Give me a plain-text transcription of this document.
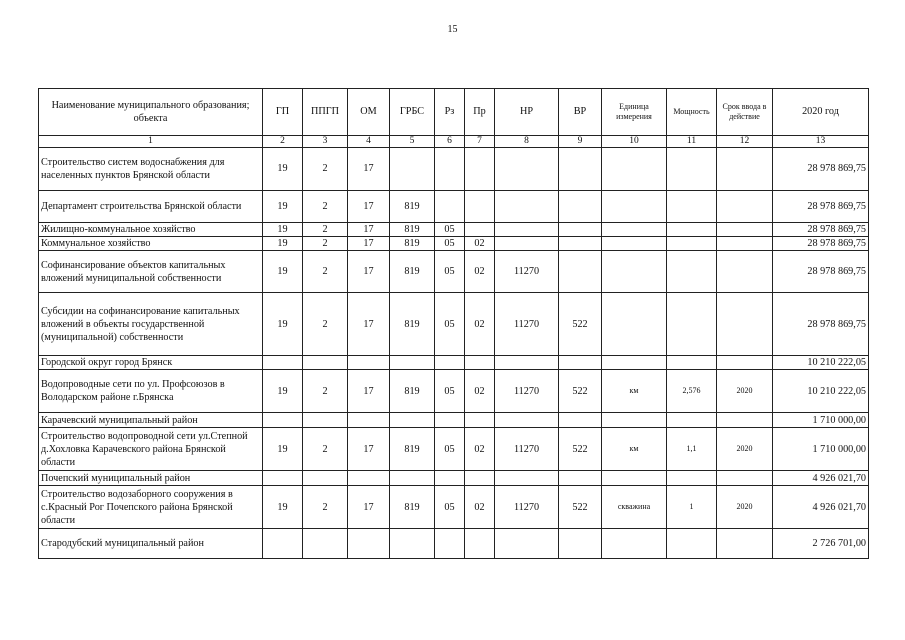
15
Наименование муниципального образования; объекта	ГП	ППГП	ОМ	ГРБС	Рз	Пр	НР	ВР	Единица измерения	Мощность	Срок ввода в действие	2020 год
1	2	3	4	5	6	7	8	9	10	11	12	13
Строительство систем водоснабжения для населенных пунктов Брянской области	19	2	17									28 978 869,75
Департамент строительства Брянской области	19	2	17	819								28 978 869,75
Жилищно-коммунальное хозяйство	19	2	17	819	05							28 978 869,75
Коммунальное хозяйство	19	2	17	819	05	02						28 978 869,75
Софинансирование объектов капитальных вложений муниципальной собственности	19	2	17	819	05	02	11270					28 978 869,75
Субсидии на софинансирование капитальных вложений в объекты государственной (муниципальной) собственности	19	2	17	819	05	02	11270	522				28 978 869,75
Городской округ город Брянск												10 210 222,05
Водопроводные сети по ул. Профсоюзов в Володарском районе г.Брянска	19	2	17	819	05	02	11270	522	км	2,576	2020	10 210 222,05
Карачевский муниципальный район												1 710 000,00
Строительство водопроводной сети ул.Степной д.Хохловка Карачевского района Брянской области	19	2	17	819	05	02	11270	522	км	1,1	2020	1 710 000,00
Почепский муниципальный район												4 926 021,70
Строительство водозаборного сооружения в с.Красный Рог Почепского района Брянской области	19	2	17	819	05	02	11270	522	скважина	1	2020	4 926 021,70
Стародубский муниципальный район												2 726 701,00
